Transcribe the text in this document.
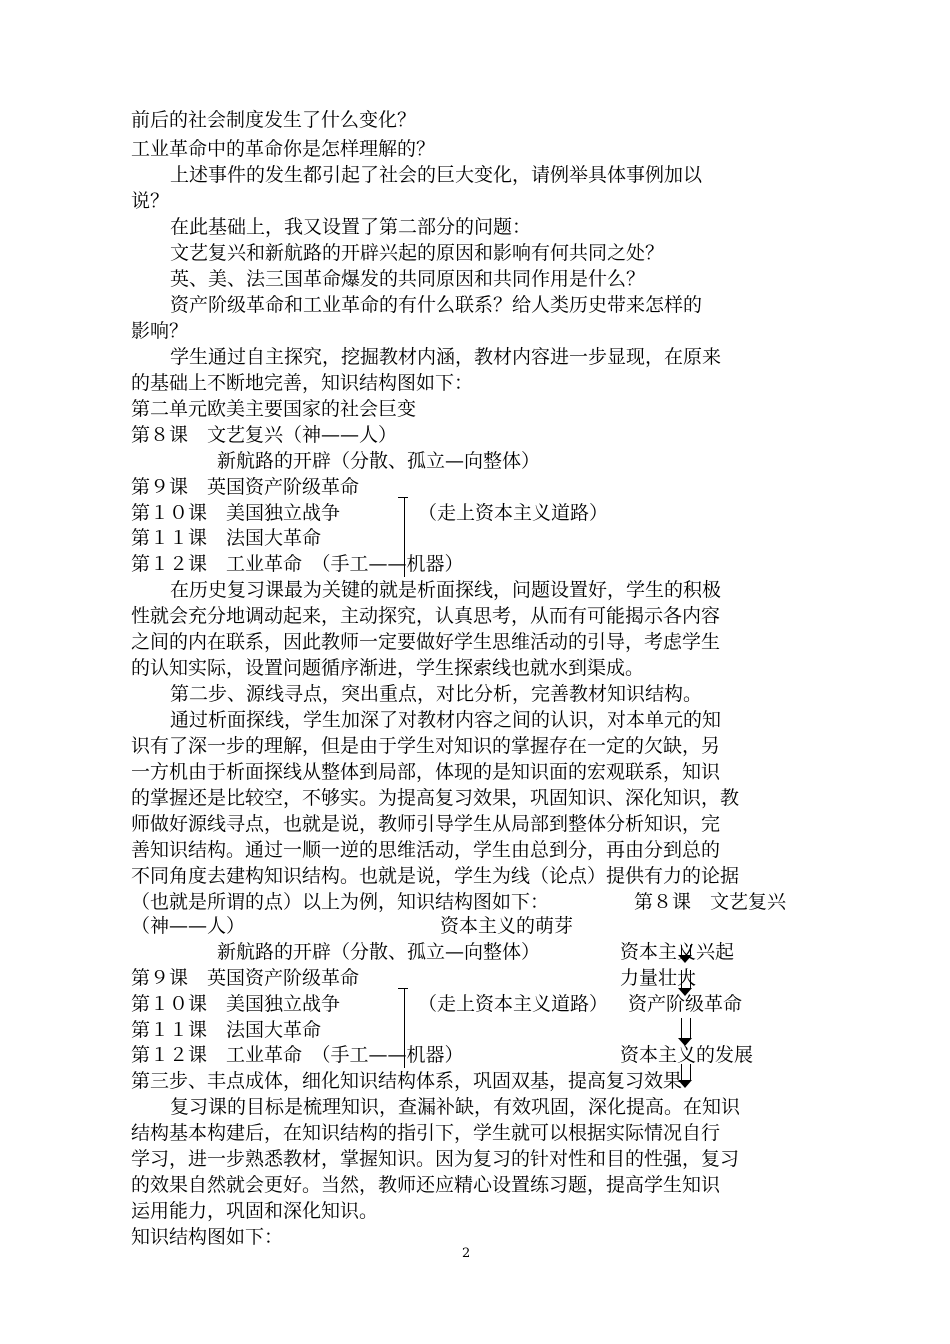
前后的社会制度发生了什么变化？
工业革命中的革命你是怎样理解的？
上述事件的发生都引起了社会的巨大变化，请例举具体事例加以
说？
在此基础上，我又设置了第二部分的问题：
文艺复兴和新航路的开辟兴起的原因和影响有何共同之处？
英、美、法三国革命爆发的共同原因和共同作用是什么？
资产阶级革命和工业革命的有什么联系？给人类历史带来怎样的
影响？
学生通过自主探究，挖掘教材内涵，教材内容进一步显现，在原来
的基础上不断地完善，知识结构图如下：
第二单元欧美主要国家的社会巨变
第８课　文艺复兴（神——人）
新航路的开辟（分散、孤立—向整体）
第９课　英国资产阶级革命
第１０课　美国独立战争	（走上资本主义道路）
第１１课　法国大革命
第１２课　工业革命　（手工——机器）
在历史复习课最为关键的就是析面探线，问题设置好，学生的积极
性就会充分地调动起来，主动探究，认真思考，从而有可能揭示各内容
之间的内在联系，因此教师一定要做好学生思维活动的引导，考虑学生
的认知实际，设置问题循序渐进，学生探索线也就水到渠成。
第二步、源线寻点，突出重点，对比分析，完善教材知识结构。
通过析面探线，学生加深了对教材内容之间的认识，对本单元的知
识有了深一步的理解，但是由于学生对知识的掌握存在一定的欠缺，另
一方机由于析面探线从整体到局部，体现的是知识面的宏观联系，知识
的掌握还是比较空，不够实。为提高复习效果，巩固知识、深化知识，教
师做好源线寻点，也就是说，教师引导学生从局部到整体分析知识，完
善知识结构。通过一顺一逆的思维活动，学生由总到分，再由分到总的
不同角度去建构知识结构。也就是说，学生为线（论点）提供有力的论据
（也就是所谓的点）以上为例，知识结构图如下：	第８课　文艺复兴
（神——人）	资本主义的萌芽
新航路的开辟（分散、孤立—向整体）	资本主义兴起
第９课　英国资产阶级革命	力量壮大
第１０课　美国独立战争	（走上资本主义道路） 资产阶级革命
第１１课　法国大革命
第１２课　工业革命　（手工——机器）	资本主义的发展
第三步、丰点成体，细化知识结构体系，巩固双基，提高复习效果
复习课的目标是梳理知识，查漏补缺，有效巩固，深化提高。在知识
结构基本构建后，在知识结构的指引下，学生就可以根据实际情况自行
学习，进一步熟悉教材，掌握知识。因为复习的针对性和目的性强，复习
的效果自然就会更好。当然，教师还应精心设置练习题，提高学生知识
运用能力，巩固和深化知识。
知识结构图如下：
2
